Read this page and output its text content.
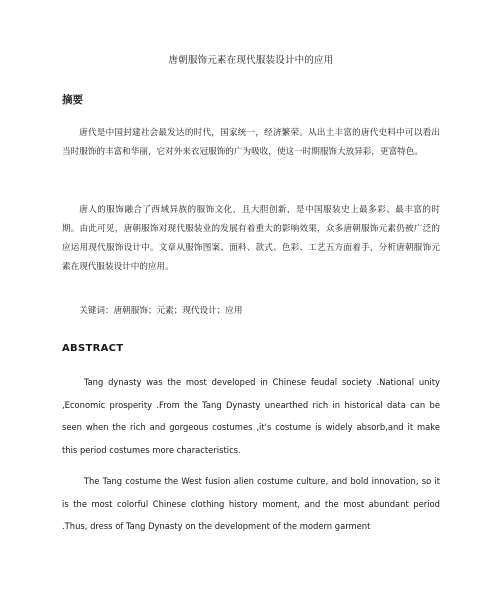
唐朝服饰元素在现代服装设计中的应用
摘要

唐代是中国封建社会最发达的时代，国家统一，经济繁荣。从出土丰富的唐代史料中可以看出当时服饰的丰富和华丽，它对外来衣冠服饰的广为吸收，使这一时期服饰大放异彩，更富特色。

唐人的服饰融合了西域异族的服饰文化，且大胆创新，是中国服装史上最多彩、最丰富的时期。由此可见，唐朝服饰对现代服装业的发展有着重大的影响效果，众多唐朝服饰元素仍被广泛的应运用现代服饰设计中。文章从服饰图案、面料、款式、色彩、工艺五方面着手，分析唐朝服饰元素在现代服装设计中的应用。

关键词：唐朝服饰；元素；现代设计；应用

ABSTRACT

Tang dynasty was the most developed in Chinese feudal society .National unity ,Economic prosperity .From the Tang Dynasty unearthed rich in historical data can be seen when the rich and gorgeous costumes ,it's costume is widely absorb,and it make this period costumes more characteristics.

The Tang costume the West fusion alien costume culture, and bold innovation, so it is the most colorful Chinese clothing history moment, and the most abundant period .Thus, dress of Tang Dynasty on the development of the modern garment
